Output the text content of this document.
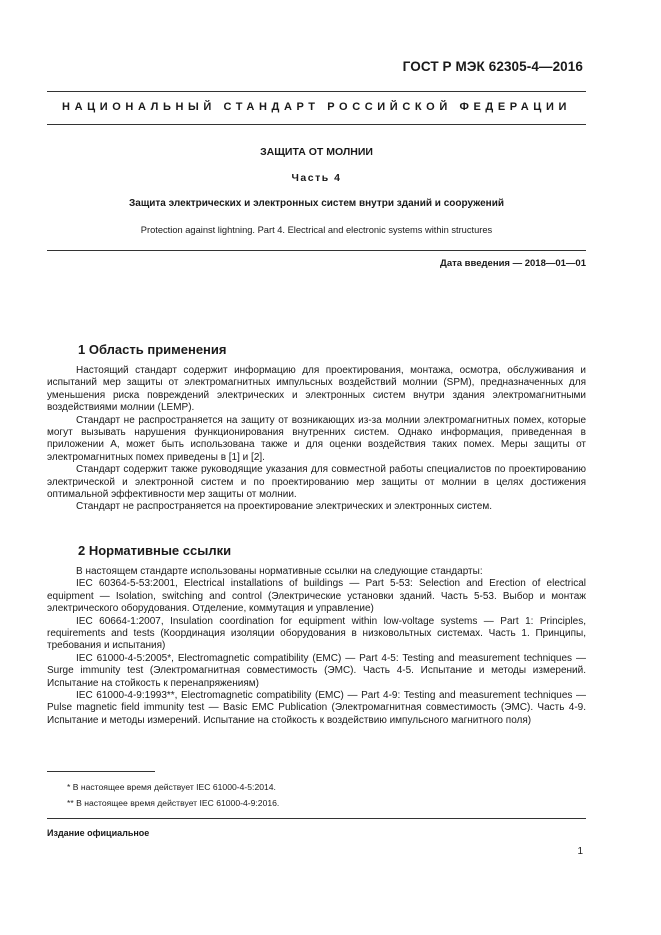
ГОСТ Р МЭК 62305-4—2016
НАЦИОНАЛЬНЫЙ СТАНДАРТ РОССИЙСКОЙ ФЕДЕРАЦИИ
ЗАЩИТА ОТ МОЛНИИ
Часть 4
Защита электрических и электронных систем внутри зданий и сооружений
Protection against lightning. Part 4. Electrical and electronic systems within structures
Дата введения — 2018—01—01
1 Область применения

Настоящий стандарт содержит информацию для проектирования, монтажа, осмотра, обслуживания и испытаний мер защиты от электромагнитных импульсных воздействий молнии (SPM), предназначенных для уменьшения риска повреждений электрических и электронных систем внутри здания электромагнитными воздействиями молнии (LEMP).

Стандарт не распространяется на защиту от возникающих из-за молнии электромагнитных помех, которые могут вызывать нарушения функционирования внутренних систем. Однако информация, приведенная в приложении А, может быть использована также и для оценки воздействия таких помех. Меры защиты от электромагнитных помех приведены в [1] и [2].

Стандарт содержит также руководящие указания для совместной работы специалистов по проектированию электрической и электронной систем и по проектированию мер защиты от молнии в целях достижения оптимальной эффективности мер защиты от молнии.

Стандарт не распространяется на проектирование электрических и электронных систем.

2 Нормативные ссылки

В настоящем стандарте использованы нормативные ссылки на следующие стандарты:

IEC 60364-5-53:2001, Electrical installations of buildings — Part 5-53: Selection and Erection of electrical equipment — Isolation, switching and control (Электрические установки зданий. Часть 5-53. Выбор и монтаж электрического оборудования. Отделение, коммутация и управление)

IEC 60664-1:2007, Insulation coordination for equipment within low-voltage systems — Part 1: Principles, requirements and tests (Координация изоляции оборудования в низковольтных системах. Часть 1. Принципы, требования и испытания)

IEC 61000-4-5:2005*, Electromagnetic compatibility (EMC) — Part 4-5: Testing and measurement techniques — Surge immunity test (Электромагнитная совместимость (ЭМС). Часть 4-5. Испытание и методы измерений. Испытание на стойкость к перенапряжениям)

IEC 61000-4-9:1993**, Electromagnetic compatibility (EMC) — Part 4-9: Testing and measurement techniques — Pulse magnetic field immunity test — Basic EMC Publication (Электромагнитная совместимость (ЭМС). Часть 4-9. Испытание и методы измерений. Испытание на стойкость к воздействию импульсного магнитного поля)

* В настоящее время действует IEC 61000-4-5:2014.
** В настоящее время действует IEC 61000-4-9:2016.
Издание официальное
1
